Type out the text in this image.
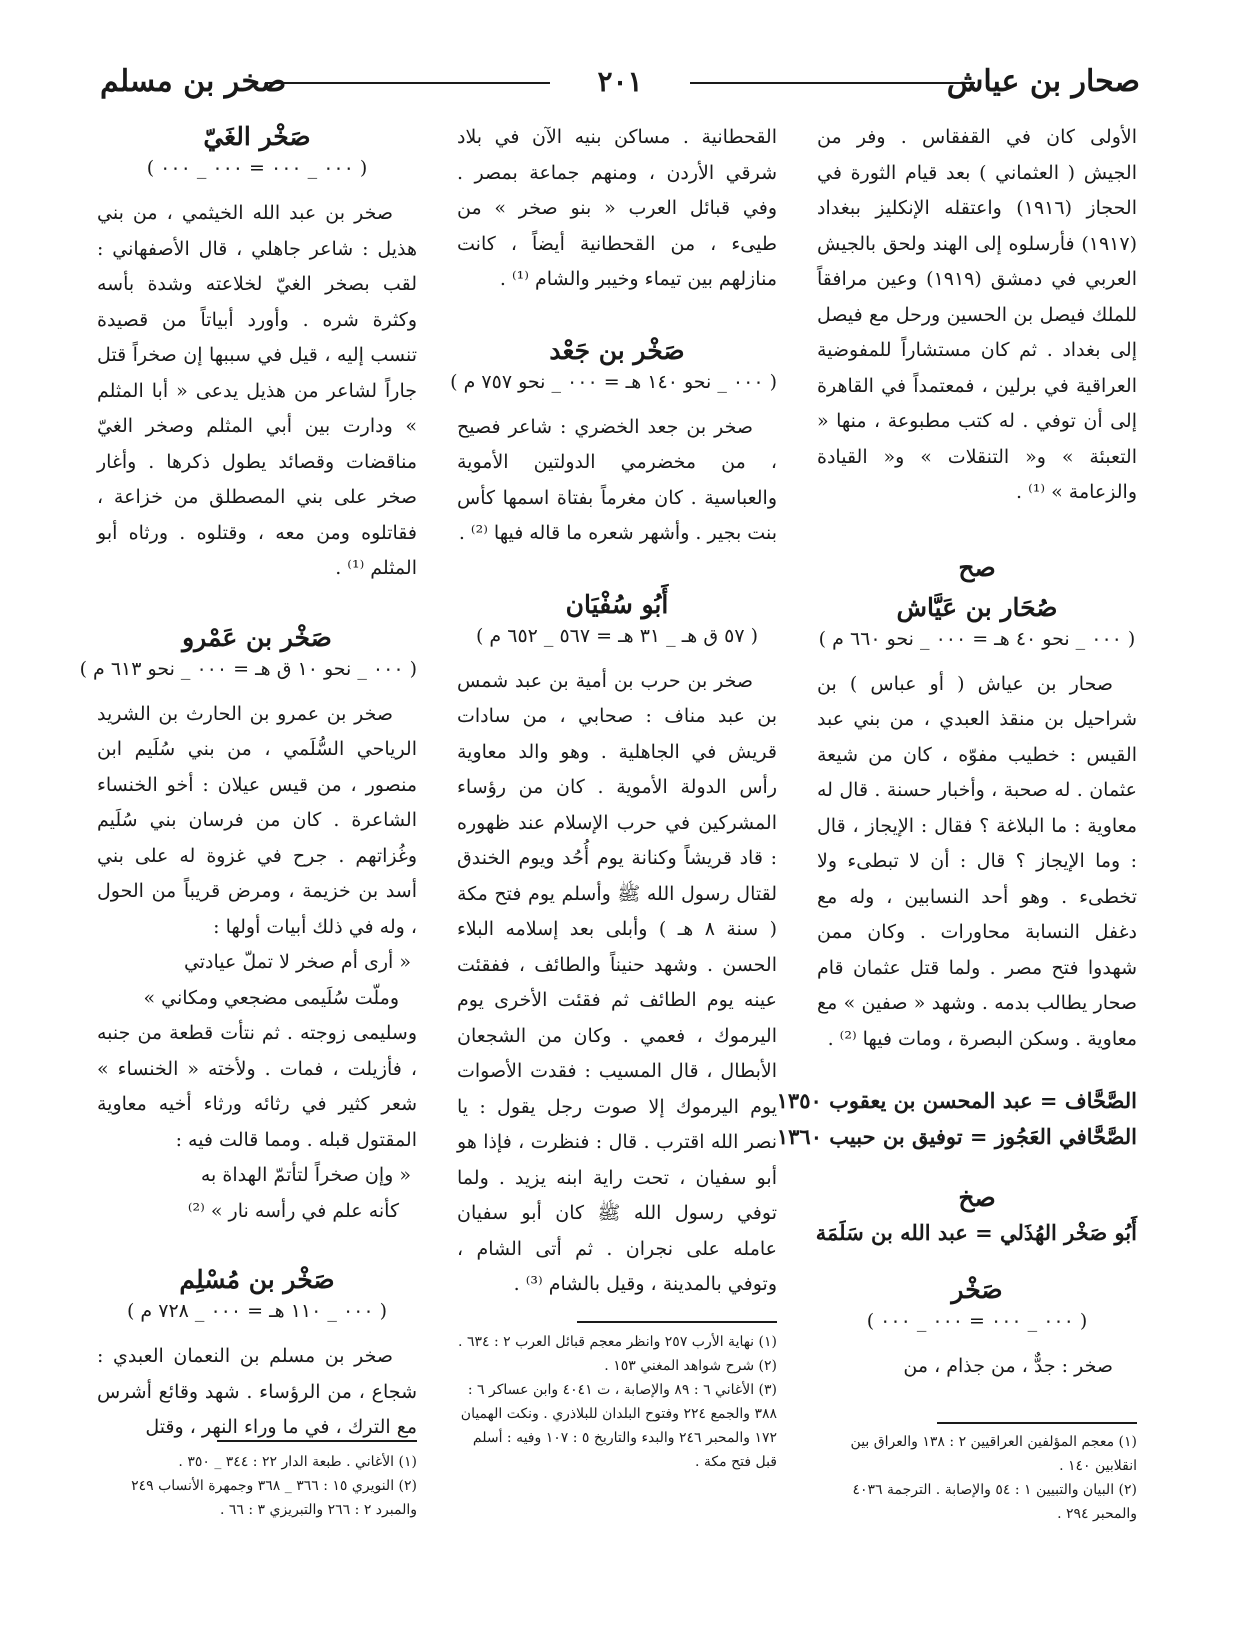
صحار بن عياش
٢٠١
صخر بن مسلم

الأولى كان في القفقاس . وفر من الجيش ( العثماني ) بعد قيام الثورة في الحجاز (١٩١٦) واعتقله الإنكليز ببغداد (١٩١٧) فأرسلوه إلى الهند ولحق بالجيش العربي في دمشق (١٩١٩) وعين مرافقاً للملك فيصل بن الحسين ورحل مع فيصل إلى بغداد . ثم كان مستشاراً للمفوضية العراقية في برلين ، فمعتمداً في القاهرة إلى أن توفي . له كتب مطبوعة ، منها « التعبئة » و« التنقلات » و« القيادة والزعامة » ⁽¹⁾ .

صح
صُحَار بن عَيَّاش
( ٠٠٠ _ نحو ٤٠ هـ = ٠٠٠ _ نحو ٦٦٠ م )

صحار بن عياش ( أو عباس ) بن شراحيل بن منقذ العبدي ، من بني عبد القيس : خطيب مفوّه ، كان من شيعة عثمان . له صحبة ، وأخبار حسنة . قال له معاوية : ما البلاغة ؟ فقال : الإيجاز ، قال : وما الإيجاز ؟ قال : أن لا تبطىء ولا تخطىء . وهو أحد النسابين ، وله مع دغفل النسابة محاورات . وكان ممن شهدوا فتح مصر . ولما قتل عثمان قام صحار يطالب بدمه . وشهد « صفين » مع معاوية . وسكن البصرة ، ومات فيها ⁽²⁾ .

الصَّحَّاف = عبد المحسن بن يعقوب ١٣٥٠
الصَّحَّافي العَجُوز = توفيق بن حبيب ١٣٦٠
صخ
أَبُو صَخْر الهُذَلي = عبد الله بن سَلَمَة
صَخْر
( ٠٠٠ _ ٠٠٠ = ٠٠٠ _ ٠٠٠ )

صخر : جدٌّ ، من جذام ، من

(١) معجم المؤلفين العراقيين ٢ : ١٣٨ والعراق بين انقلابين ١٤٠ .

(٢) البيان والتبيين ١ : ٥٤ والإصابة . الترجمة ٤٠٣٦ والمحبر ٢٩٤ .

القحطانية . مساكن بنيه الآن في بلاد شرقي الأردن ، ومنهم جماعة بمصر . وفي قبائل العرب « بنو صخر » من طيىء ، من القحطانية أيضاً ، كانت منازلهم بين تيماء وخيبر والشام ⁽¹⁾ .

صَخْر بن جَعْد
( ٠٠٠ _ نحو ١٤٠ هـ = ٠٠٠ _ نحو ٧٥٧ م )

صخر بن جعد الخضري : شاعر فصيح ، من مخضرمي الدولتين الأموية والعباسية . كان مغرماً بفتاة اسمها كأس بنت بجير . وأشهر شعره ما قاله فيها ⁽²⁾ .

أَبُو سُفْيَان
( ٥٧ ق هـ _ ٣١ هـ = ٥٦٧ _ ٦٥٢ م )

صخر بن حرب بن أمية بن عبد شمس بن عبد مناف : صحابي ، من سادات قريش في الجاهلية . وهو والد معاوية رأس الدولة الأموية . كان من رؤساء المشركين في حرب الإسلام عند ظهوره : قاد قريشاً وكنانة يوم أُحُد ويوم الخندق لقتال رسول الله ﷺ وأسلم يوم فتح مكة ( سنة ٨ هـ ) وأبلى بعد إسلامه البلاء الحسن . وشهد حنيناً والطائف ، ففقئت عينه يوم الطائف ثم فقئت الأخرى يوم اليرموك ، فعمي . وكان من الشجعان الأبطال ، قال المسيب : فقدت الأصوات يوم اليرموك إلا صوت رجل يقول : يا نصر الله اقترب . قال : فنظرت ، فإذا هو أبو سفيان ، تحت راية ابنه يزيد . ولما توفي رسول الله ﷺ كان أبو سفيان عامله على نجران . ثم أتى الشام ، وتوفي بالمدينة ، وقيل بالشام ⁽³⁾ .

(١) نهاية الأرب ٢٥٧ وانظر معجم قبائل العرب ٢ : ٦٣٤ .

(٢) شرح شواهد المغني ١٥٣ .

(٣) الأغاني ٦ : ٨٩ والإصابة ، ت ٤٠٤١ وابن عساكر ٦ : ٣٨٨ والجمع ٢٢٤ وفتوح البلدان للبلاذري . ونكت الهميان ١٧٢ والمحبر ٢٤٦ والبدء والتاريخ ٥ : ١٠٧ وفيه : أسلم قبل فتح مكة .

صَخْر الغَيّ
( ٠٠٠ _ ٠٠٠ = ٠٠٠ _ ٠٠٠ )

صخر بن عبد الله الخيثمي ، من بني هذيل : شاعر جاهلي ، قال الأصفهاني : لقب بصخر الغيّ لخلاعته وشدة بأسه وكثرة شره . وأورد أبياتاً من قصيدة تنسب إليه ، قيل في سببها إن صخراً قتل جاراً لشاعر من هذيل يدعى « أبا المثلم » ودارت بين أبي المثلم وصخر الغيّ مناقضات وقصائد يطول ذكرها . وأغار صخر على بني المصطلق من خزاعة ، فقاتلوه ومن معه ، وقتلوه . ورثاه أبو المثلم ⁽¹⁾ .

صَخْر بن عَمْرو
( ٠٠٠ _ نحو ١٠ ق هـ = ٠٠٠ _ نحو ٦١٣ م )

صخر بن عمرو بن الحارث بن الشريد الرياحي السُّلَمي ، من بني سُلَيم ابن منصور ، من قيس عيلان : أخو الخنساء الشاعرة . كان من فرسان بني سُلَيم وغُزاتهم . جرح في غزوة له على بني أسد بن خزيمة ، ومرض قريباً من الحول ، وله في ذلك أبيات أولها :

« أرى أم صخر لا تملّ عيادتي

وملّت سُلَيمى مضجعي ومكاني »

وسليمى زوجته . ثم نتأت قطعة من جنبه ، فأزيلت ، فمات . ولأخته « الخنساء » شعر كثير في رثائه ورثاء أخيه معاوية المقتول قبله . ومما قالت فيه :

« وإن صخراً لتأتمّ الهداة به

كأنه علم في رأسه نار » ⁽²⁾

صَخْر بن مُسْلِم
( ٠٠٠ _ ١١٠ هـ = ٠٠٠ _ ٧٢٨ م )

صخر بن مسلم بن النعمان العبدي : شجاع ، من الرؤساء . شهد وقائع أشرس مع الترك ، في ما وراء النهر ، وقتل

(١) الأغاني . طبعة الدار ٢٢ : ٣٤٤ _ ٣٥٠ .

(٢) النويري ١٥ : ٣٦٦ _ ٣٦٨ وجمهرة الأنساب ٢٤٩ والمبرد ٢ : ٢٦٦ والتبريزي ٣ : ٦٦ .
